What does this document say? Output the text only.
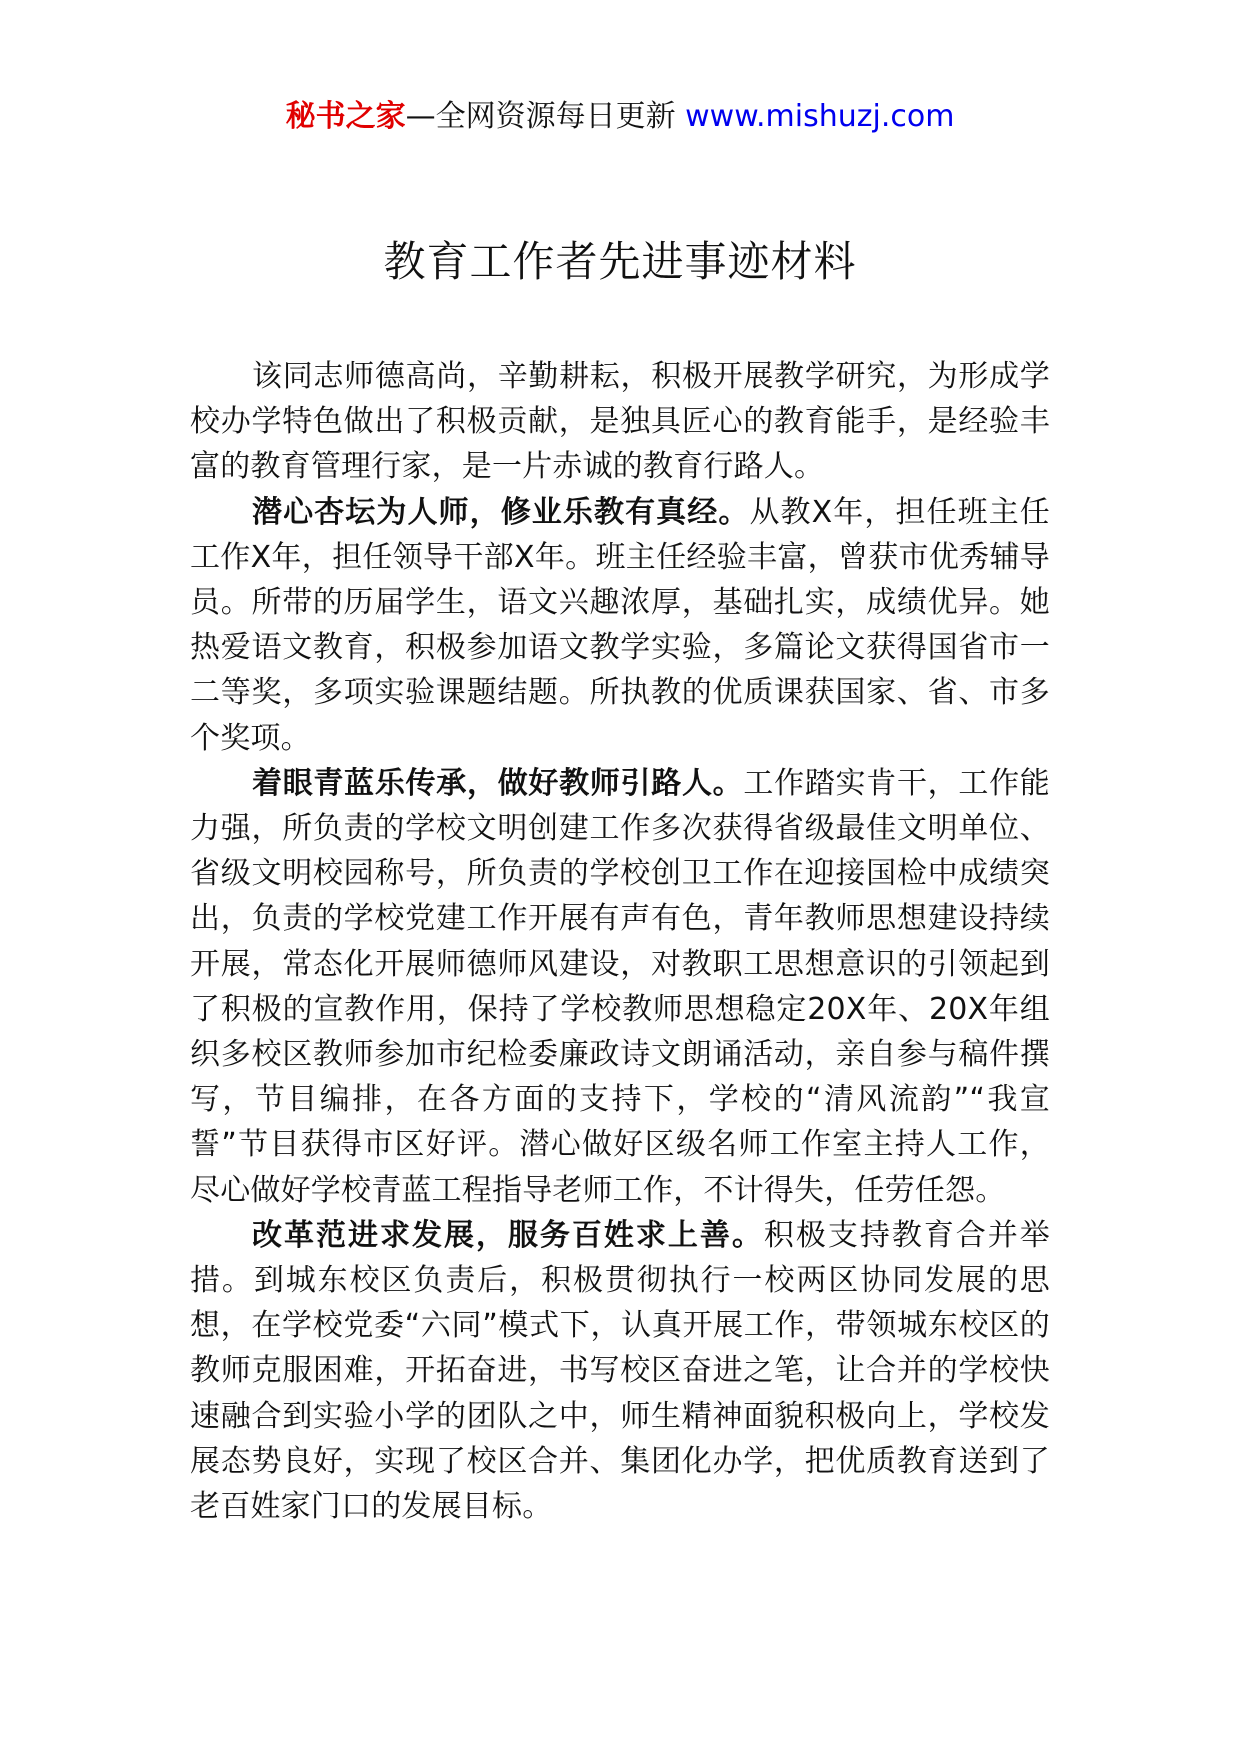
秘书之家—全网资源每日更新 www.mishuzj.com
教育工作者先进事迹材料

该同志师德高尚，辛勤耕耘，积极开展教学研究，为形成学校办学特色做出了积极贡献，是独具匠心的教育能手，是经验丰富的教育管理行家，是一片赤诚的教育行路人。

潜心杏坛为人师，修业乐教有真经。从教X年，担任班主任工作X年，担任领导干部X年。班主任经验丰富，曾获市优秀辅导员。所带的历届学生，语文兴趣浓厚，基础扎实，成绩优异。她热爱语文教育，积极参加语文教学实验，多篇论文获得国省市一二等奖，多项实验课题结题。所执教的优质课获国家、省、市多个奖项。

着眼青蓝乐传承，做好教师引路人。工作踏实肯干，工作能力强，所负责的学校文明创建工作多次获得省级最佳文明单位、省级文明校园称号，所负责的学校创卫工作在迎接国检中成绩突出，负责的学校党建工作开展有声有色，青年教师思想建设持续开展，常态化开展师德师风建设，对教职工思想意识的引领起到了积极的宣教作用，保持了学校教师思想稳定20X年、20X年组织多校区教师参加市纪检委廉政诗文朗诵活动，亲自参与稿件撰写，节目编排，在各方面的支持下，学校的“清风流韵”“我宣誓”节目获得市区好评。潜心做好区级名师工作室主持人工作，尽心做好学校青蓝工程指导老师工作，不计得失，任劳任怨。

改革范进求发展，服务百姓求上善。积极支持教育合并举措。到城东校区负责后，积极贯彻执行一校两区协同发展的思想，在学校党委“六同”模式下，认真开展工作，带领城东校区的教师克服困难，开拓奋进，书写校区奋进之笔，让合并的学校快速融合到实验小学的团队之中，师生精神面貌积极向上，学校发展态势良好，实现了校区合并、集团化办学，把优质教育送到了老百姓家门口的发展目标。
